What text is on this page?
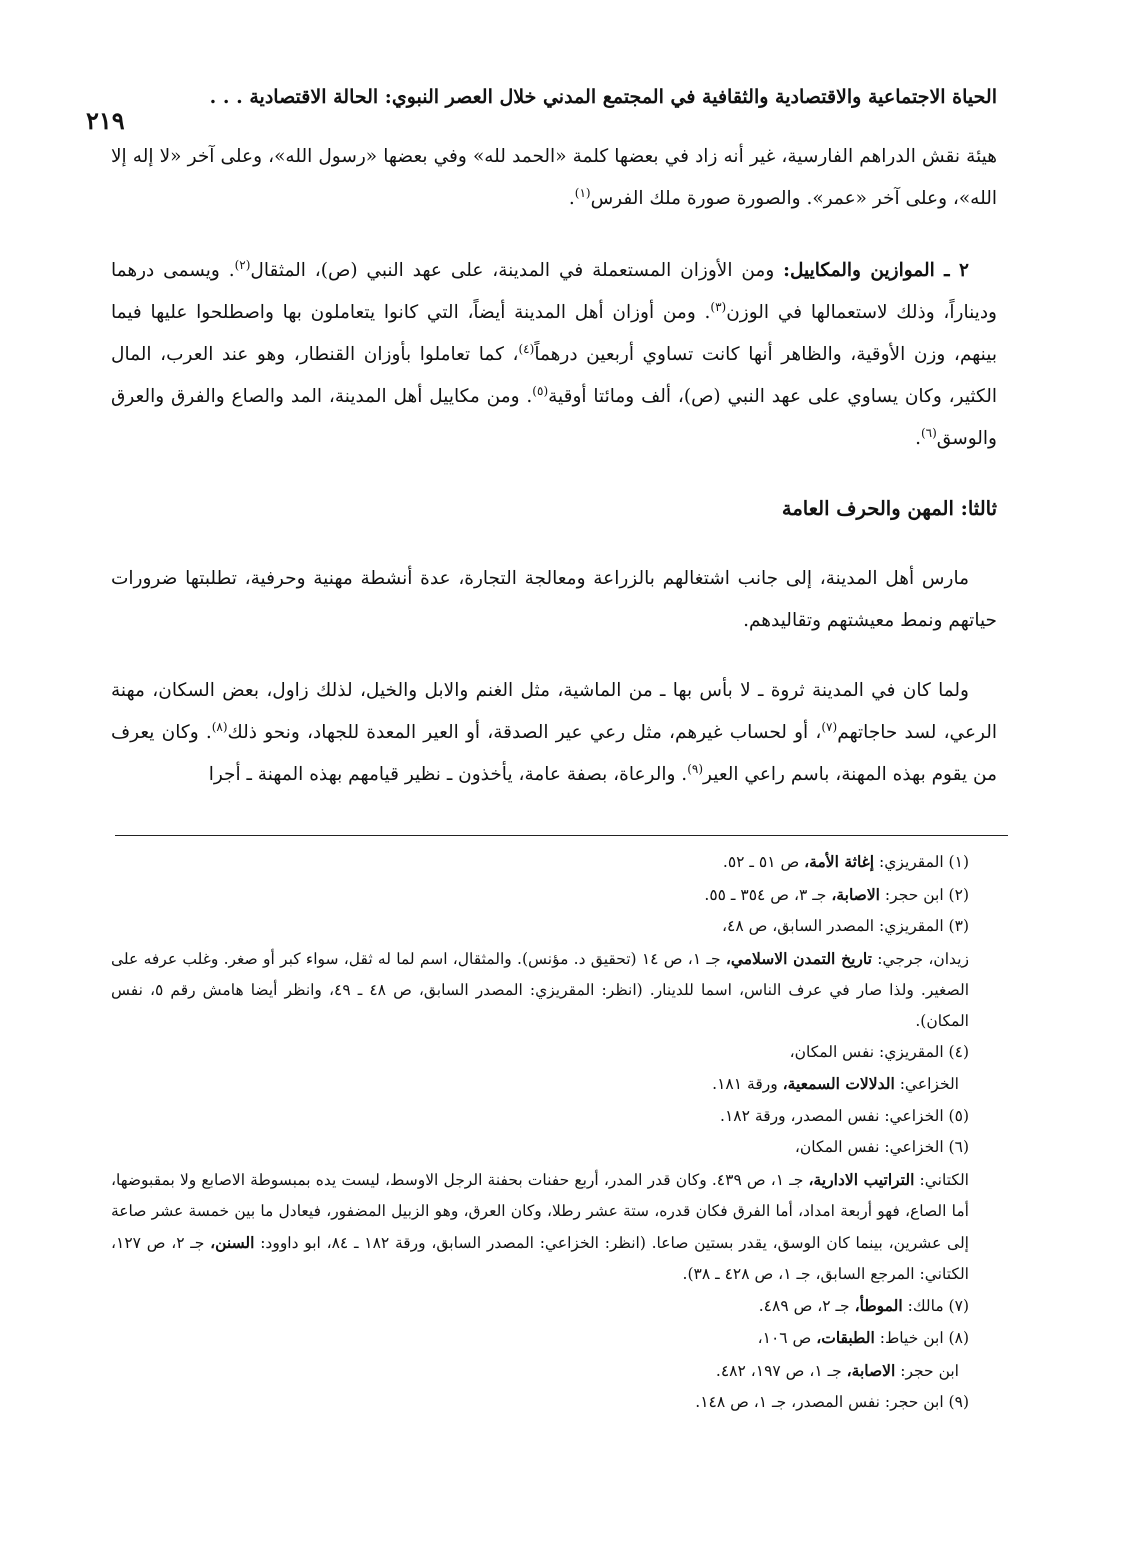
الحياة الاجتماعية والاقتصادية والثقافية في المجتمع المدني خلال العصر النبوي: الحالة الاقتصادية . . .
٢١٩

هيئة نقش الدراهم الفارسية، غير أنه زاد في بعضها كلمة «الحمد لله» وفي بعضها «رسول الله»، وعلى آخر «لا إله إلا الله»، وعلى آخر «عمر». والصورة صورة ملك الفرس$^{(١)}$.

٢ ـ الموازين والمكاييل: ومن الأوزان المستعملة في المدينة، على عهد النبي (ص)، المثقال$^{(٢)}$. ويسمى درهما وديناراً، وذلك لاستعمالها في الوزن$^{(٣)}$. ومن أوزان أهل المدينة أيضاً، التي كانوا يتعاملون بها واصطلحوا عليها فيما بينهم، وزن الأوقية، والظاهر أنها كانت تساوي أربعين درهماً$^{(٤)}$، كما تعاملوا بأوزان القنطار، وهو عند العرب، المال الكثير، وكان يساوي على عهد النبي (ص)، ألف ومائتا أوقية$^{(٥)}$. ومن مكاييل أهل المدينة، المد والصاع والفرق والعرق والوسق$^{(٦)}$.

ثالثا: المهن والحرف العامة

مارس أهل المدينة، إلى جانب اشتغالهم بالزراعة ومعالجة التجارة، عدة أنشطة مهنية وحرفية، تطلبتها ضرورات حياتهم ونمط معيشتهم وتقاليدهم.

ولما كان في المدينة ثروة ـ لا بأس بها ـ من الماشية، مثل الغنم والابل والخيل، لذلك زاول، بعض السكان، مهنة الرعي، لسد حاجاتهم$^{(٧)}$، أو لحساب غيرهم، مثل رعي عير الصدقة، أو العير المعدة للجهاد، ونحو ذلك$^{(٨)}$. وكان يعرف من يقوم بهذه المهنة، باسم راعي العير$^{(٩)}$. والرعاة، بصفة عامة، يأخذون ـ نظير قيامهم بهذه المهنة ـ أجرا

(١) المقريزي: إغاثة الأمة، ص ٥١ ـ ٥٢.

(٢) ابن حجر: الاصابة، جـ ٣، ص ٣٥٤ ـ ٥٥.

(٣) المقريزي: المصدر السابق، ص ٤٨،

زيدان، جرجي: تاريخ التمدن الاسلامي، جـ ١، ص ١٤ (تحقيق د. مؤنس). والمثقال، اسم لما له ثقل، سواء كبر أو صغر. وغلب عرفه على الصغير. ولذا صار في عرف الناس، اسما للدينار. (انظر: المقريزي: المصدر السابق، ص ٤٨ ـ ٤٩، وانظر أيضا هامش رقم ٥، نفس المكان).

(٤) المقريزي: نفس المكان،

الخزاعي: الدلالات السمعية، ورقة ١٨١.

(٥) الخزاعي: نفس المصدر، ورقة ١٨٢.

(٦) الخزاعي: نفس المكان،

الكتاني: التراتيب الادارية، جـ ١، ص ٤٣٩. وكان قدر المدر، أربع حفنات بحفنة الرجل الاوسط، ليست يده بمبسوطة الاصابع ولا بمقبوضها، أما الصاع، فهو أربعة امداد، أما الفرق فكان قدره، ستة عشر رطلا، وكان العرق، وهو الزبيل المضفور، فيعادل ما بين خمسة عشر صاعة إلى عشرين، بينما كان الوسق، يقدر بستين صاعا. (انظر: الخزاعي: المصدر السابق، ورقة ١٨٢ ـ ٨٤، ابو داوود: السنن، جـ ٢، ص ١٢٧، الكتاني: المرجع السابق، جـ ١، ص ٤٢٨ ـ ٣٨).

(٧) مالك: الموطأ، جـ ٢، ص ٤٨٩.

(٨) ابن خياط: الطبقات، ص ١٠٦،

ابن حجر: الاصابة، جـ ١، ص ١٩٧، ٤٨٢.

(٩) ابن حجر: نفس المصدر، جـ ١، ص ١٤٨.
